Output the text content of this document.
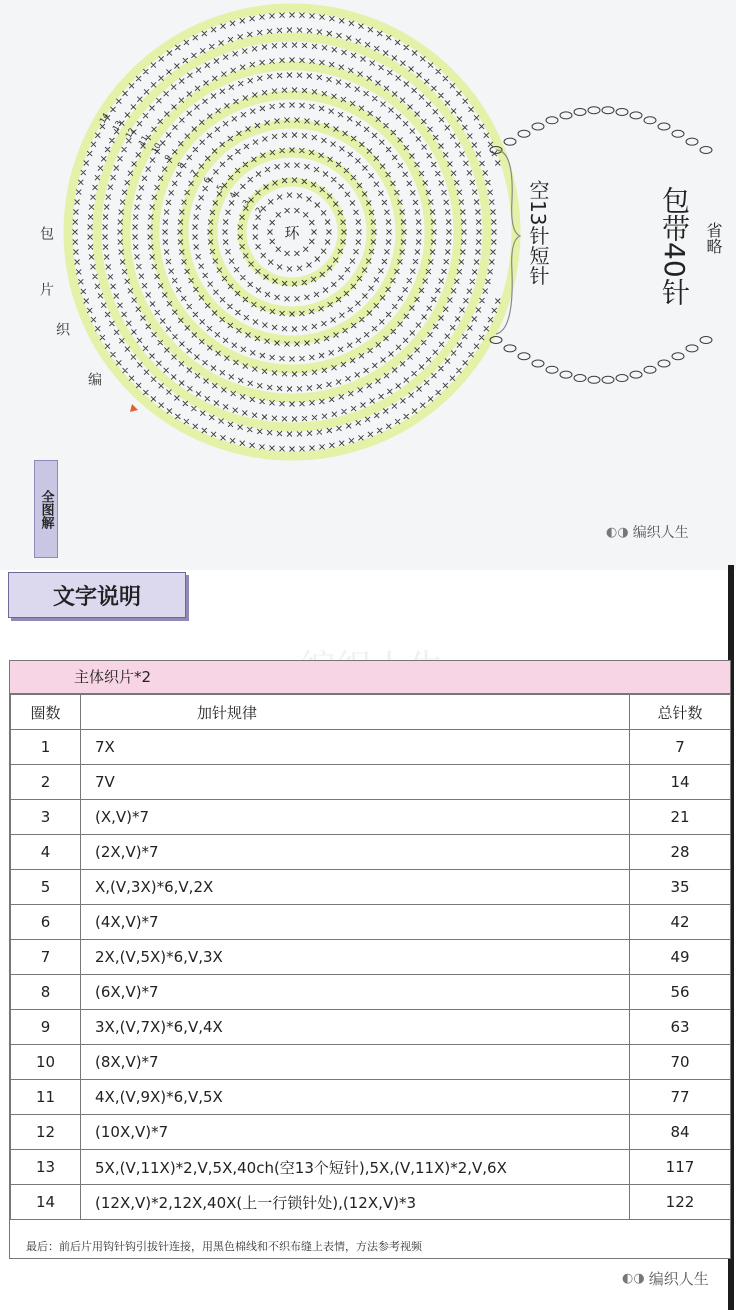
环
2
3
4
5
6
7
8
9
10
11
12
13
14
包
片
织
编
空13针短针	包带40针 省略
全图解
◐◑ 编织人生
文字说明
主体织片*2
圈数	加针规律	总针数
1	7X	7
2	7V	14
3	(X,V)*7	21
4	(2X,V)*7	28
5	X,(V,3X)*6,V,2X	35
6	(4X,V)*7	42
7	2X,(V,5X)*6,V,3X	49
8	(6X,V)*7	56
9	3X,(V,7X)*6,V,4X	63
10	(8X,V)*7	70
11	4X,(V,9X)*6,V,5X	77
12	(10X,V)*7	84
13	5X,(V,11X)*2,V,5X,40ch(空13个短针),5X,(V,11X)*2,V,6X	117
14	(12X,V)*2,12X,40X(上一行锁针处),(12X,V)*3	122
最后：前后片用钩针钩引拔针连接，用黑色棉线和不织布缝上表情，方法参考视频
◐◑ 编织人生
